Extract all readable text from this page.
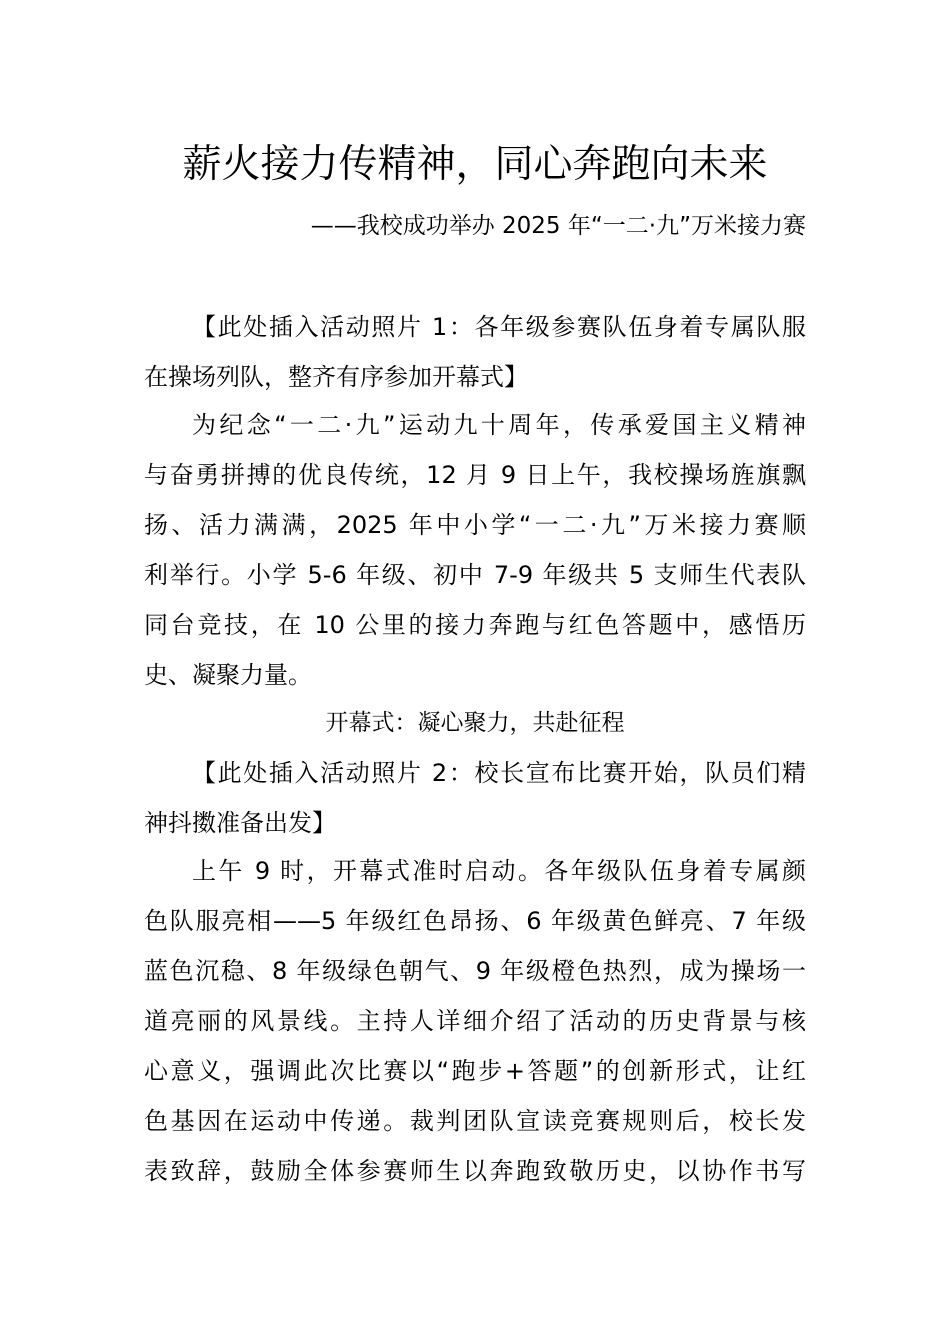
薪火接力传精神，同心奔跑向未来

——我校成功举办 2025 年“一二·九”万米接力赛

【此处插入活动照片 1：各年级参赛队伍身着专属队服
在操场列队，整齐有序参加开幕式】
为纪念“一二·九”运动九十周年，传承爱国主义精神
与奋勇拼搏的优良传统，12 月 9 日上午，我校操场旌旗飘
扬、活力满满，2025 年中小学“一二·九”万米接力赛顺
利举行。小学 5-6 年级、初中 7-9 年级共 5 支师生代表队
同台竞技，在 10 公里的接力奔跑与红色答题中，感悟历
史、凝聚力量。

开幕式：凝心聚力，共赴征程

【此处插入活动照片 2：校长宣布比赛开始，队员们精
神抖擞准备出发】
上午 9 时，开幕式准时启动。各年级队伍身着专属颜
色队服亮相——5 年级红色昂扬、6 年级黄色鲜亮、7 年级
蓝色沉稳、8 年级绿色朝气、9 年级橙色热烈，成为操场一
道亮丽的风景线。主持人详细介绍了活动的历史背景与核
心意义，强调此次比赛以“跑步+答题”的创新形式，让红
色基因在运动中传递。裁判团队宣读竞赛规则后，校长发
表致辞，鼓励全体参赛师生以奔跑致敬历史，以协作书写
